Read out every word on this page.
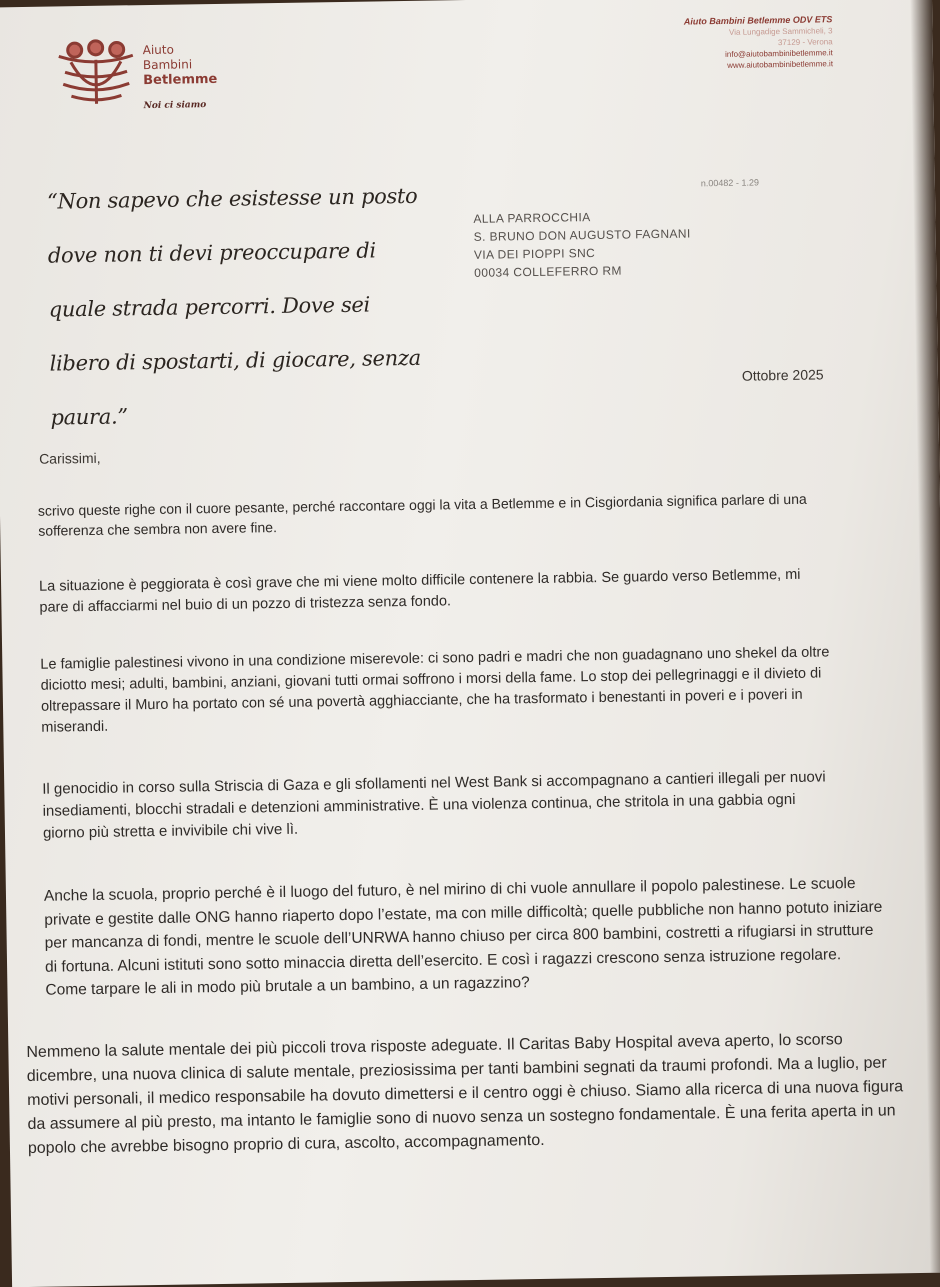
Aiuto
Bambini
Betlemme
Noi ci siamo
Aiuto Bambini Betlemme ODV ETS
Via Lungadige Sammicheli, 3
37129 - Verona
info@aiutobambinibetlemme.it
www.aiutobambinibetlemme.it
“Non sapevo che esistesse un posto dove non ti devi preoccupare di quale strada percorri. Dove sei libero di spostarti, di giocare, senza paura.”
n.00482 - 1.29
ALLA PARROCCHIA
S. BRUNO DON AUGUSTO FAGNANI
VIA DEI PIOPPI SNC
00034 COLLEFERRO RM
Ottobre 2025
Carissimi,

scrivo queste righe con il cuore pesante, perché raccontare oggi la vita a Betlemme e in Cisgiordania significa parlare di una sofferenza che sembra non avere fine.

La situazione è peggiorata è così grave che mi viene molto difficile contenere la rabbia. Se guardo verso Betlemme, mi pare di affacciarmi nel buio di un pozzo di tristezza senza fondo.

Le famiglie palestinesi vivono in una condizione miserevole: ci sono padri e madri che non guadagnano uno shekel da oltre diciotto mesi; adulti, bambini, anziani, giovani tutti ormai soffrono i morsi della fame. Lo stop dei pellegrinaggi e il divieto di oltrepassare il Muro ha portato con sé una povertà agghiacciante, che ha trasformato i benestanti in poveri e i poveri in miserandi.

Il genocidio in corso sulla Striscia di Gaza e gli sfollamenti nel West Bank si accompagnano a cantieri illegali per nuovi insediamenti, blocchi stradali e detenzioni amministrative. È una violenza continua, che stritola in una gabbia ogni giorno più stretta e invivibile chi vive lì.

Anche la scuola, proprio perché è il luogo del futuro, è nel mirino di chi vuole annullare il popolo palestinese. Le scuole private e gestite dalle ONG hanno riaperto dopo l’estate, ma con mille difficoltà; quelle pubbliche non hanno potuto iniziare per mancanza di fondi, mentre le scuole dell’UNRWA hanno chiuso per circa 800 bambini, costretti a rifugiarsi in strutture di fortuna. Alcuni istituti sono sotto minaccia diretta dell’esercito. E così i ragazzi crescono senza istruzione regolare. Come tarpare le ali in modo più brutale a un bambino, a un ragazzino?

Nemmeno la salute mentale dei più piccoli trova risposte adeguate. Il Caritas Baby Hospital aveva aperto, lo scorso dicembre, una nuova clinica di salute mentale, preziosissima per tanti bambini segnati da traumi profondi. Ma a luglio, per motivi personali, il medico responsabile ha dovuto dimettersi e il centro oggi è chiuso. Siamo alla ricerca di una nuova figura da assumere al più presto, ma intanto le famiglie sono di nuovo senza un sostegno fondamentale. È una ferita aperta in un popolo che avrebbe bisogno proprio di cura, ascolto, accompagnamento.
